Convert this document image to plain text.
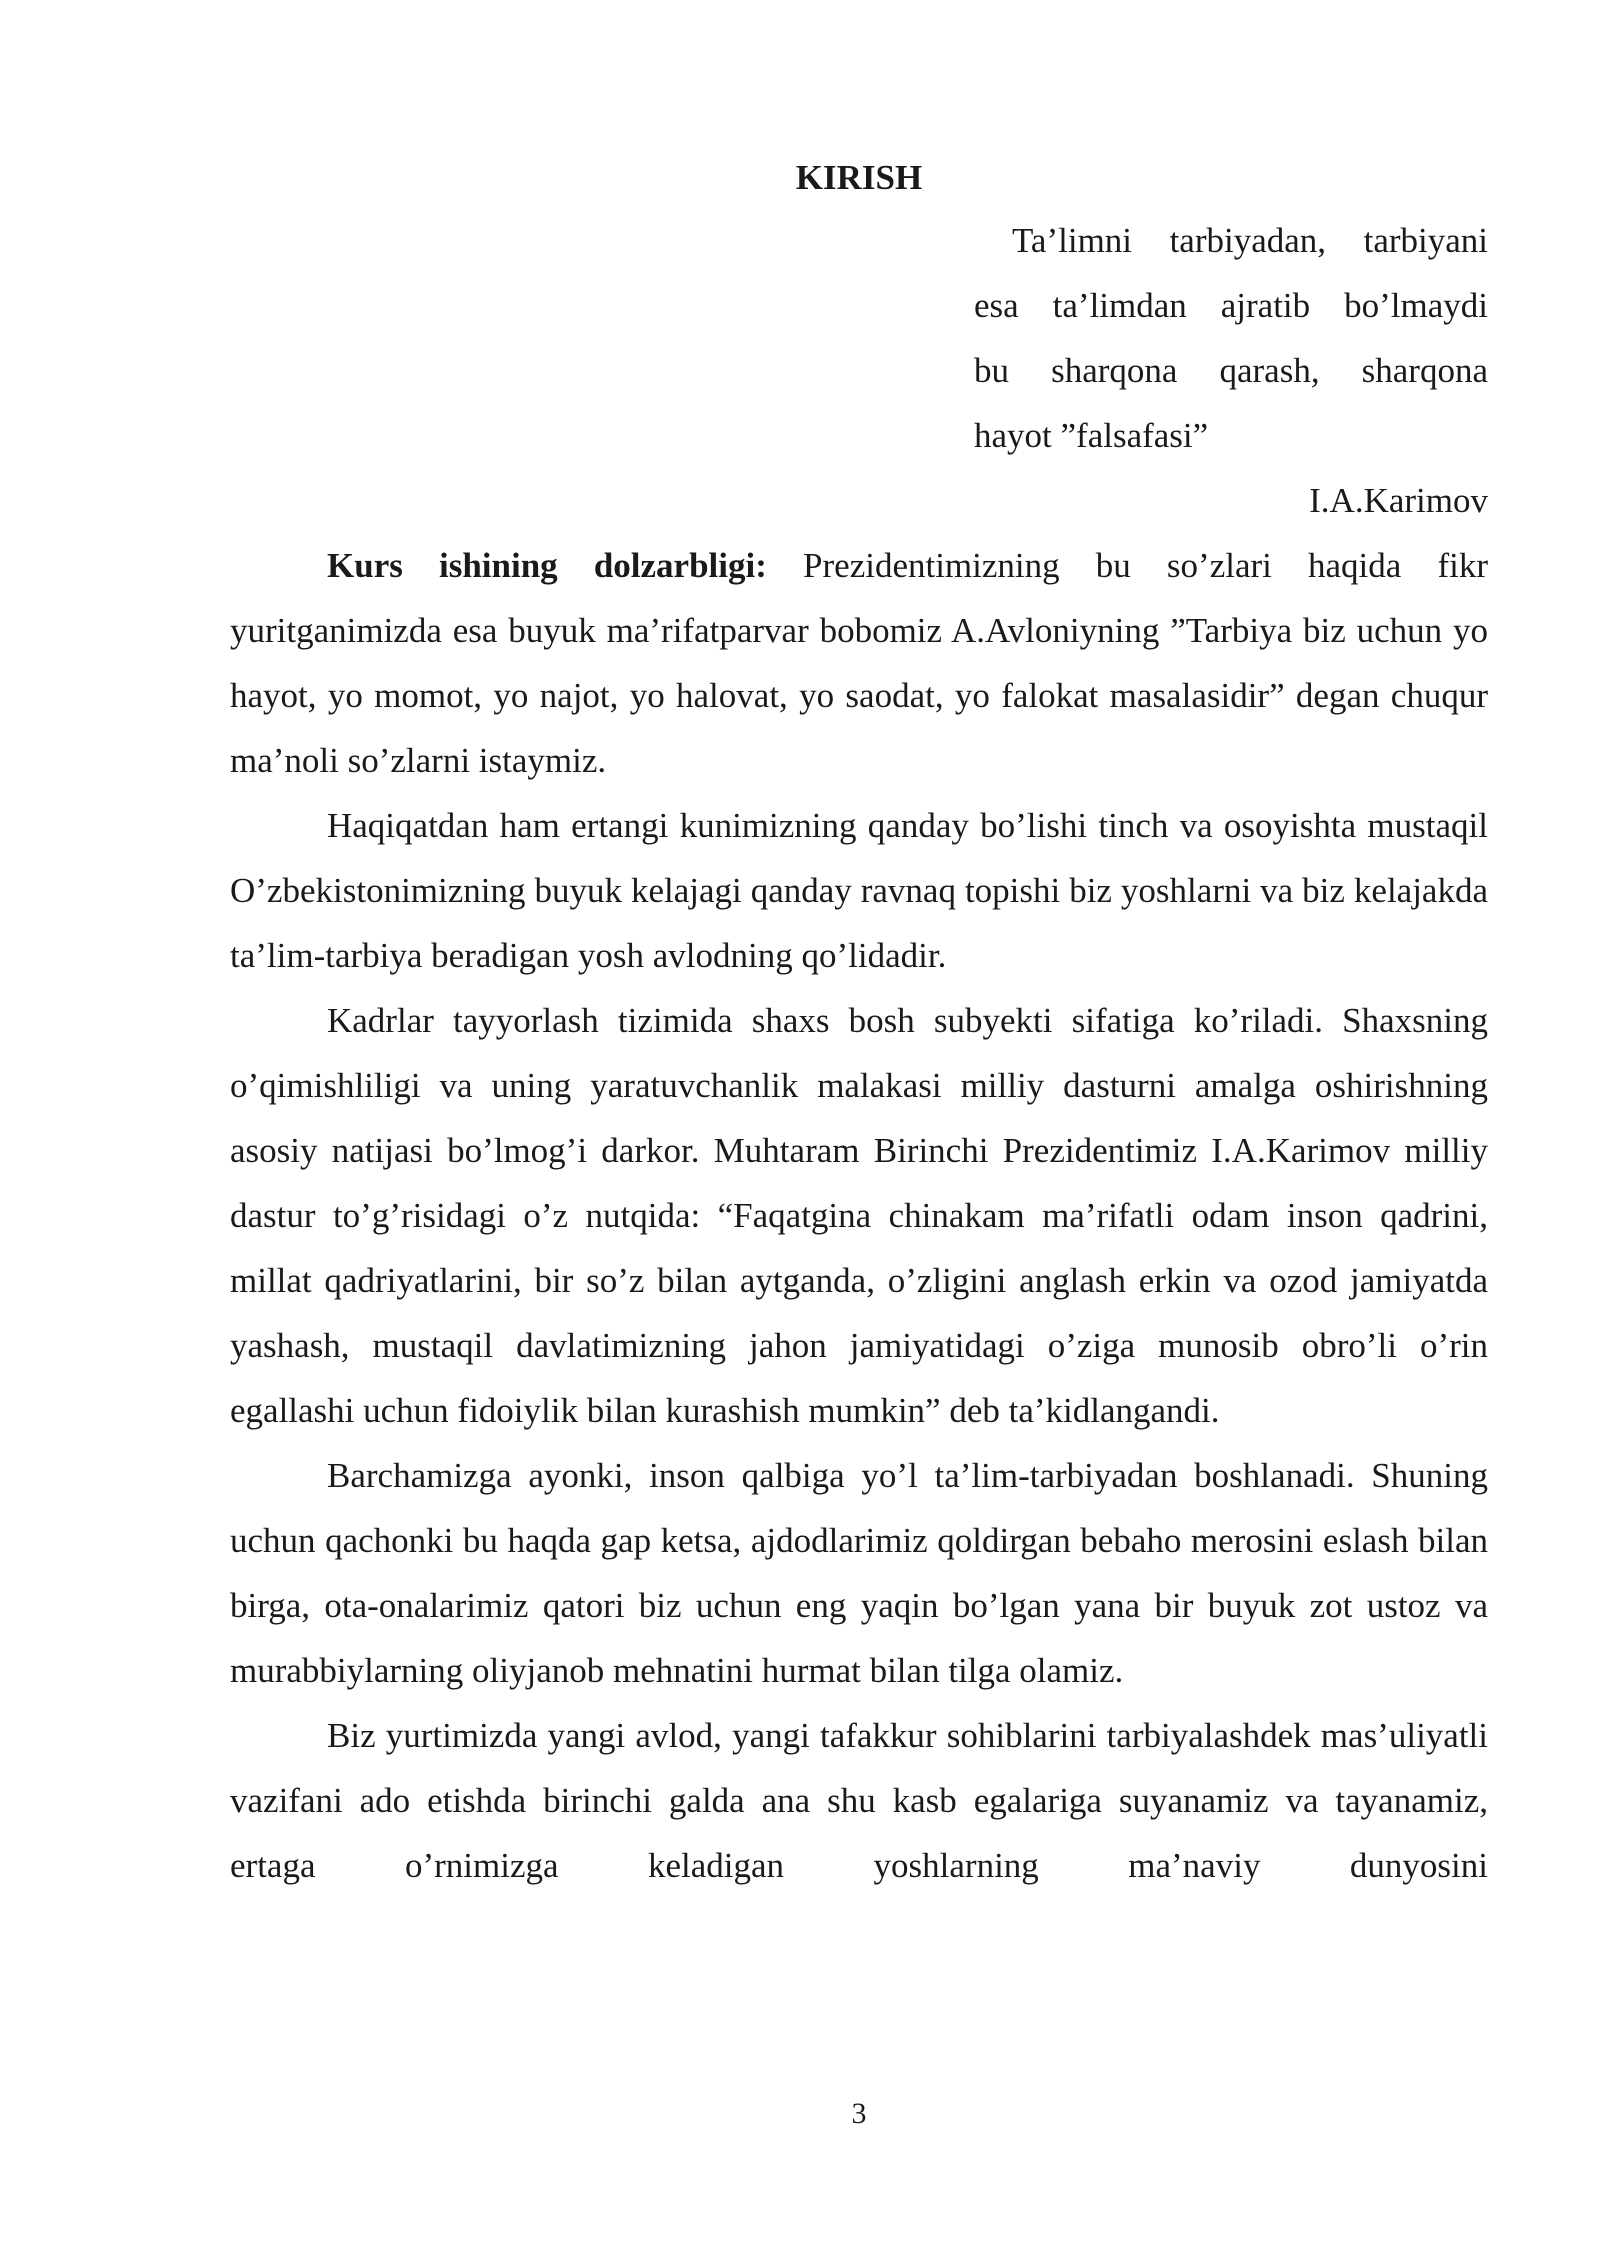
KIRISH
Ta’limni tarbiyadan, tarbiyani
esa ta’limdan ajratib bo’lmaydi
bu sharqona qarash, sharqona
hayot ”falsafasi”
I.A.Karimov

Kurs ishining dolzarbligi: Prezidentimizning bu so’zlari haqida fikr yuritganimizda esa buyuk ma’rifatparvar bobomiz A.Avloniyning ”Tarbiya biz uchun yo hayot, yo momot, yo najot, yo halovat, yo saodat, yo falokat masalasidir” degan chuqur ma’noli so’zlarni istaymiz.

Haqiqatdan ham ertangi kunimizning qanday bo’lishi tinch va osoyishta mustaqil O’zbekistonimizning buyuk kelajagi qanday ravnaq topishi biz yoshlarni va biz kelajakda ta’lim-tarbiya beradigan yosh avlodning qo’lidadir.

Kadrlar tayyorlash tizimida shaxs bosh subyekti sifatiga ko’riladi. Shaxsning o’qimishliligi va uning yaratuvchanlik malakasi milliy dasturni amalga oshirishning asosiy natijasi bo’lmog’i darkor. Muhtaram Birinchi Prezidentimiz I.A.Karimov milliy dastur to’g’risidagi o’z nutqida: “Faqatgina chinakam ma’rifatli odam inson qadrini, millat qadriyatlarini, bir so’z bilan aytganda, o’zligini anglash erkin va ozod jamiyatda yashash, mustaqil davlatimizning jahon jamiyatidagi o’ziga munosib obro’li o’rin egallashi uchun fidoiylik bilan kurashish mumkin” deb ta’kidlangandi.

Barchamizga ayonki, inson qalbiga yo’l ta’lim-tarbiyadan boshlanadi. Shuning uchun qachonki bu haqda gap ketsa, ajdodlarimiz qoldirgan bebaho merosini eslash bilan birga, ota-onalarimiz qatori biz uchun eng yaqin bo’lgan yana bir buyuk zot ustoz va murabbiylarning oliyjanob mehnatini hurmat bilan tilga olamiz.

Biz yurtimizda yangi avlod, yangi tafakkur sohiblarini tarbiyalashdek mas’uliyatli vazifani ado etishda birinchi galda ana shu kasb egalariga suyanamiz va tayanamiz, ertaga o’rnimizga keladigan yoshlarning ma’naviy dunyosini

3
